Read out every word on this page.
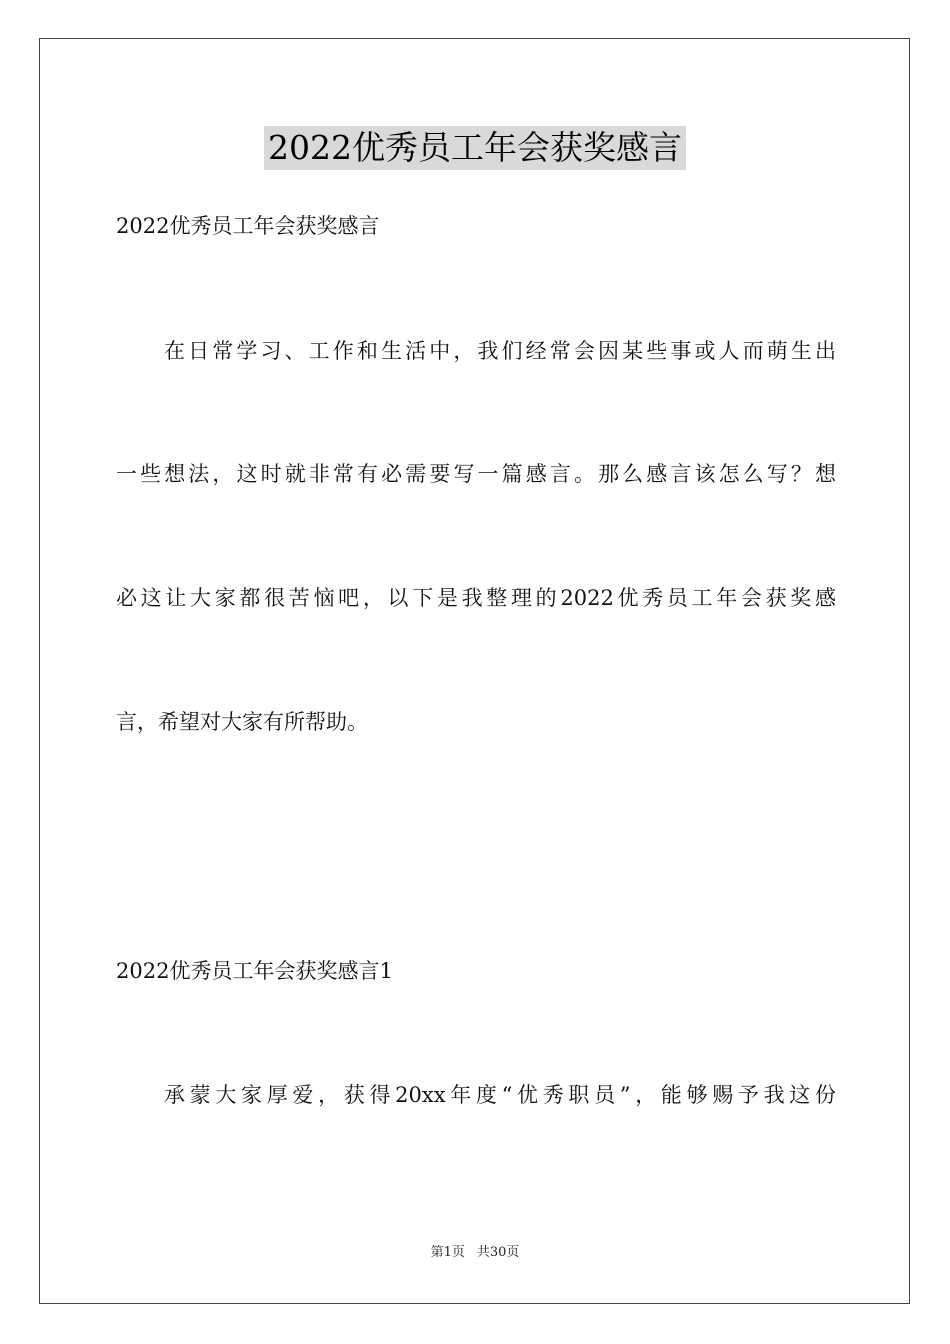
2022优秀员工年会获奖感言
2022优秀员工年会获奖感言
在日常学习、工作和生活中，我们经常会因某些事或人而萌生出
一些想法，这时就非常有必需要写一篇感言。那么感言该怎么写？想
必这让大家都很苦恼吧，以下是我整理的2022优秀员工年会获奖感
言，希望对大家有所帮助。
2022优秀员工年会获奖感言1
承蒙大家厚爱，获得20xx年度“优秀职员”，能够赐予我这份
第1页 共30页
